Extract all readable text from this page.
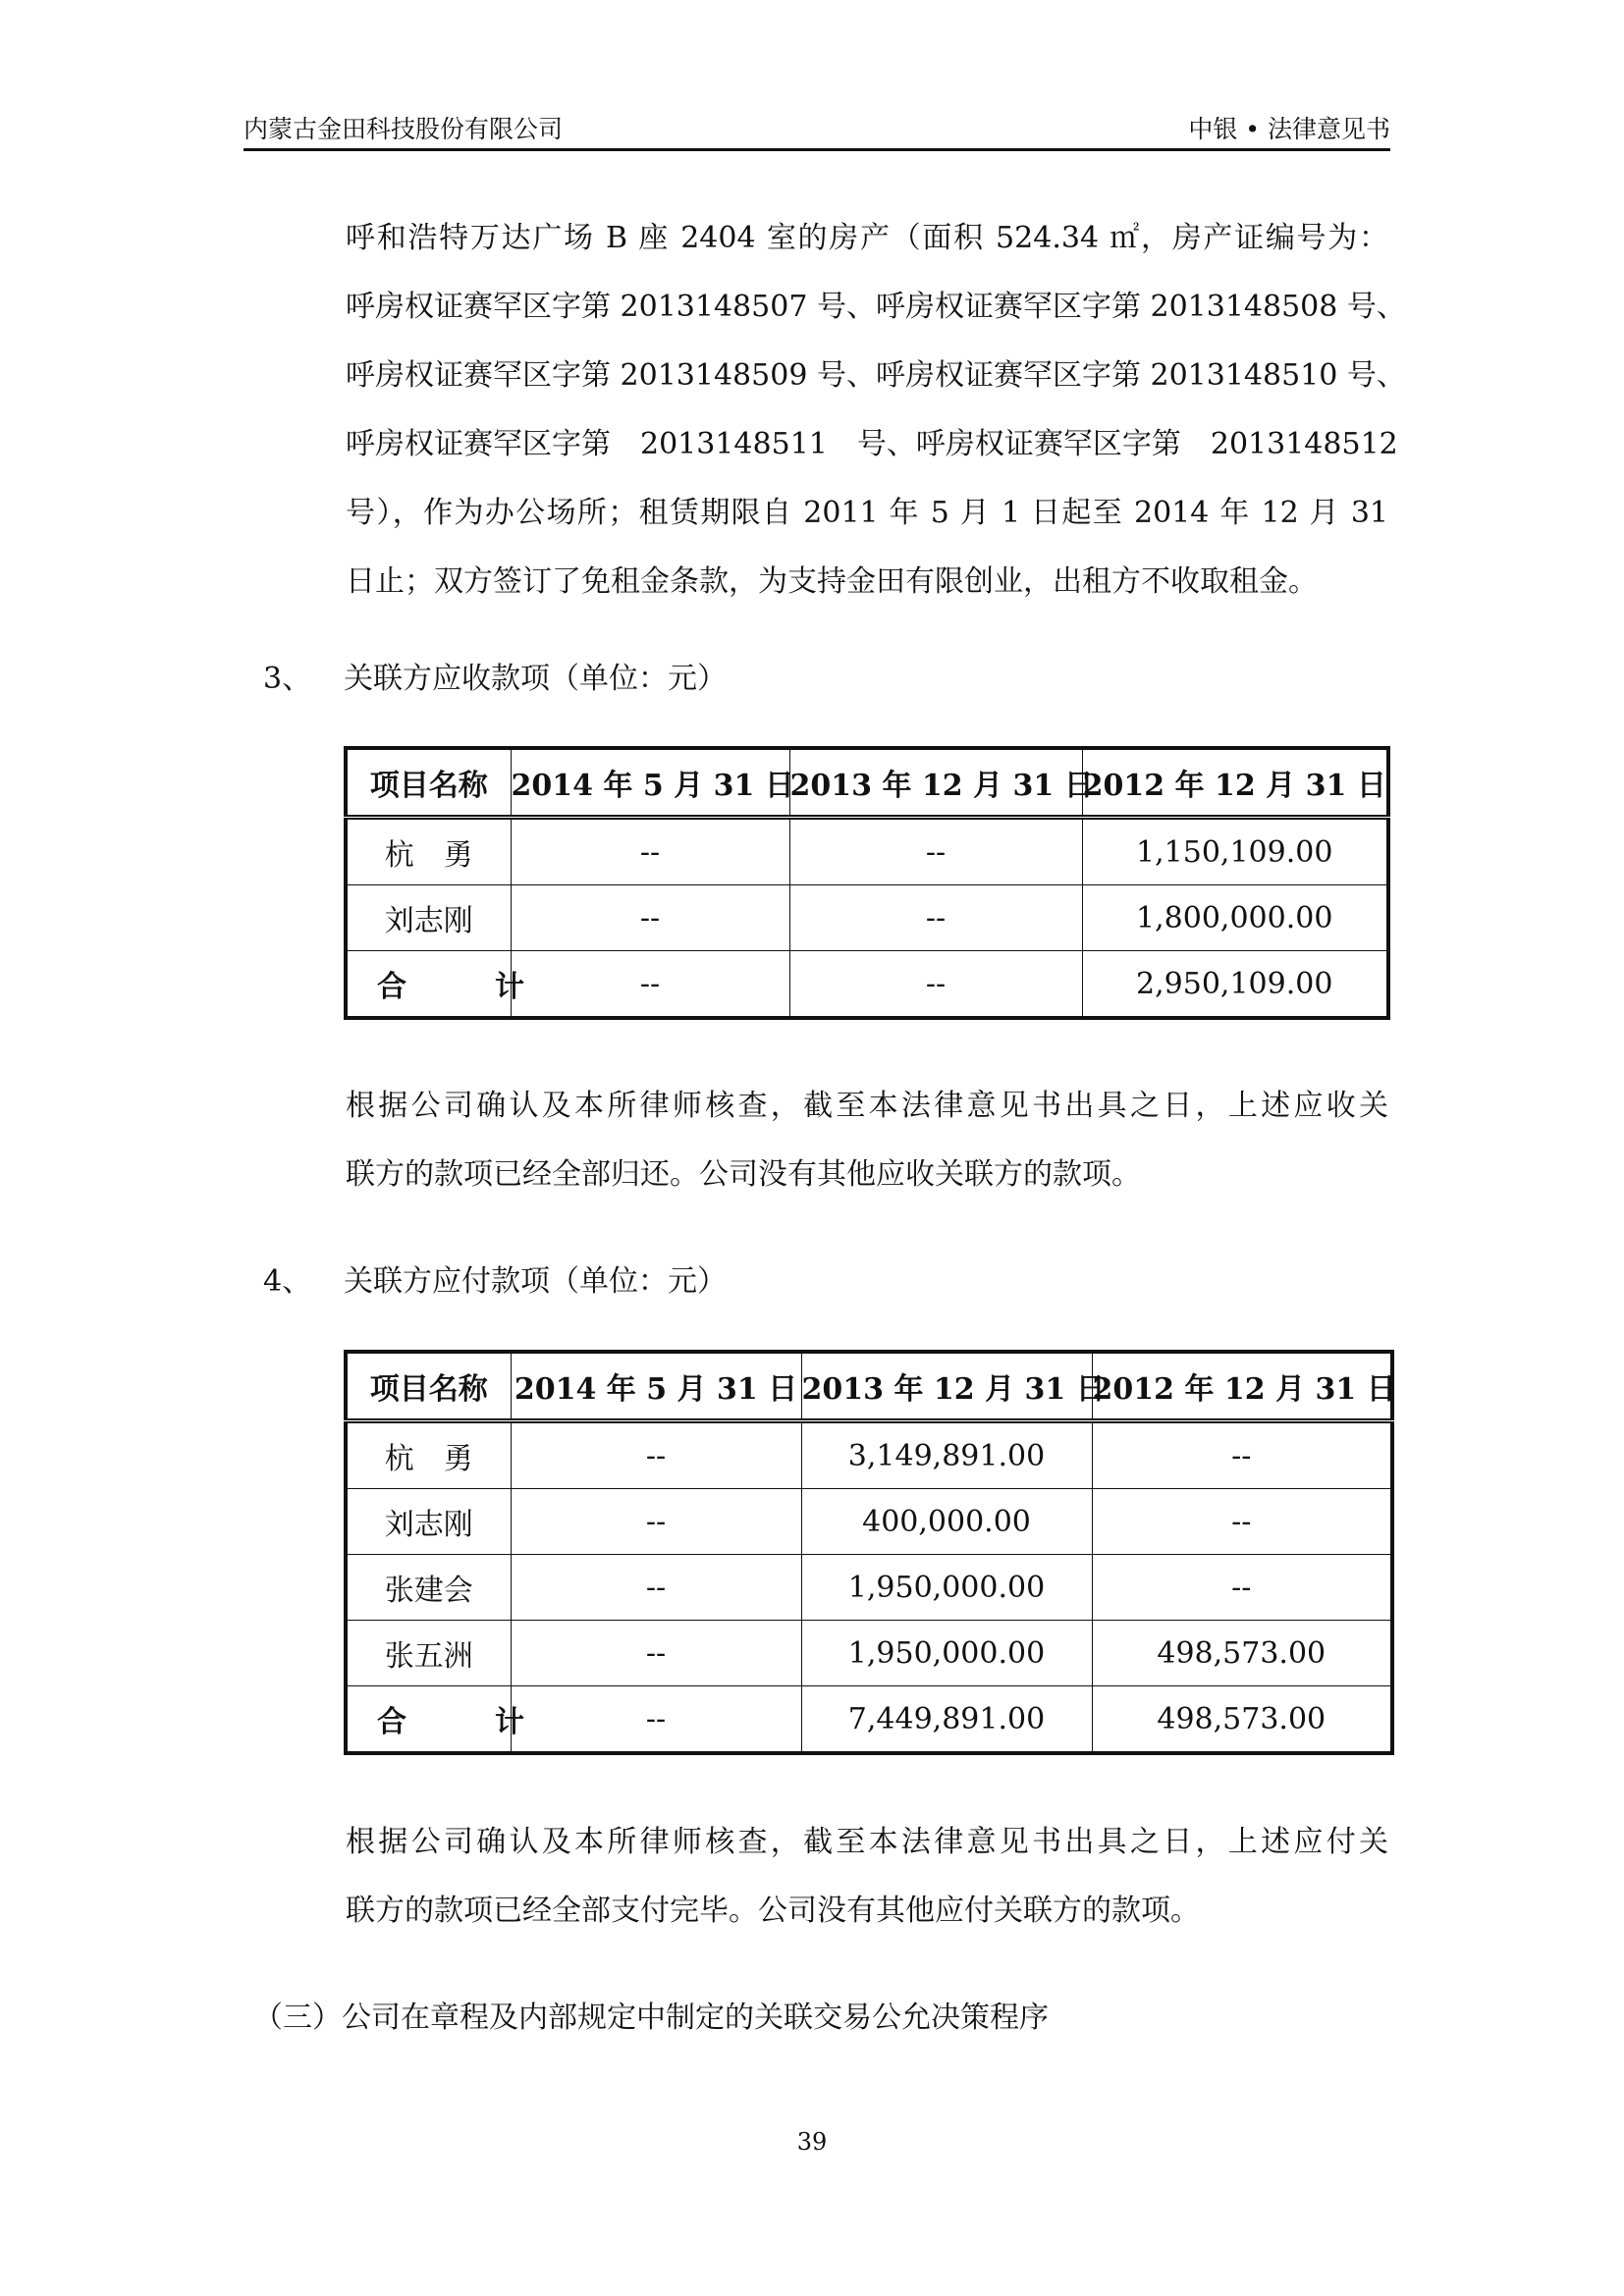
内蒙古金田科技股份有限公司	中银 • 法律意见书

呼和浩特万达广场 B 座 2404 室的房产（面积 524.34 ㎡，房产证编号为：
呼房权证赛罕区字第 2013148507 号、呼房权证赛罕区字第 2013148508 号、
呼房权证赛罕区字第 2013148509 号、呼房权证赛罕区字第 2013148510 号、
呼房权证赛罕区字第　2013148511　号、呼房权证赛罕区字第　2013148512
号），作为办公场所；租赁期限自 2011 年 5 月 1 日起至 2014 年 12 月 31
日止；双方签订了免租金条款，为支持金田有限创业，出租方不收取租金。

3、 关联方应收款项（单位：元）
项目名称	2014 年 5 月 31 日	2013 年 12 月 31 日	2012 年 12 月 31 日
杭　勇	--	--	1,150,109.00
刘志刚	--	--	1,800,000.00
合　计	--	--	2,950,109.00

根据公司确认及本所律师核查，截至本法律意见书出具之日，上述应收关
联方的款项已经全部归还。公司没有其他应收关联方的款项。

4、 关联方应付款项（单位：元）
项目名称	2014 年 5 月 31 日	2013 年 12 月 31 日	2012 年 12 月 31 日
杭　勇	--	3,149,891.00	--
刘志刚	--	400,000.00	--
张建会	--	1,950,000.00	--
张五洲	--	1,950,000.00	498,573.00
合　计	--	7,449,891.00	498,573.00

根据公司确认及本所律师核查，截至本法律意见书出具之日，上述应付关
联方的款项已经全部支付完毕。公司没有其他应付关联方的款项。

（三）公司在章程及内部规定中制定的关联交易公允决策程序
39
